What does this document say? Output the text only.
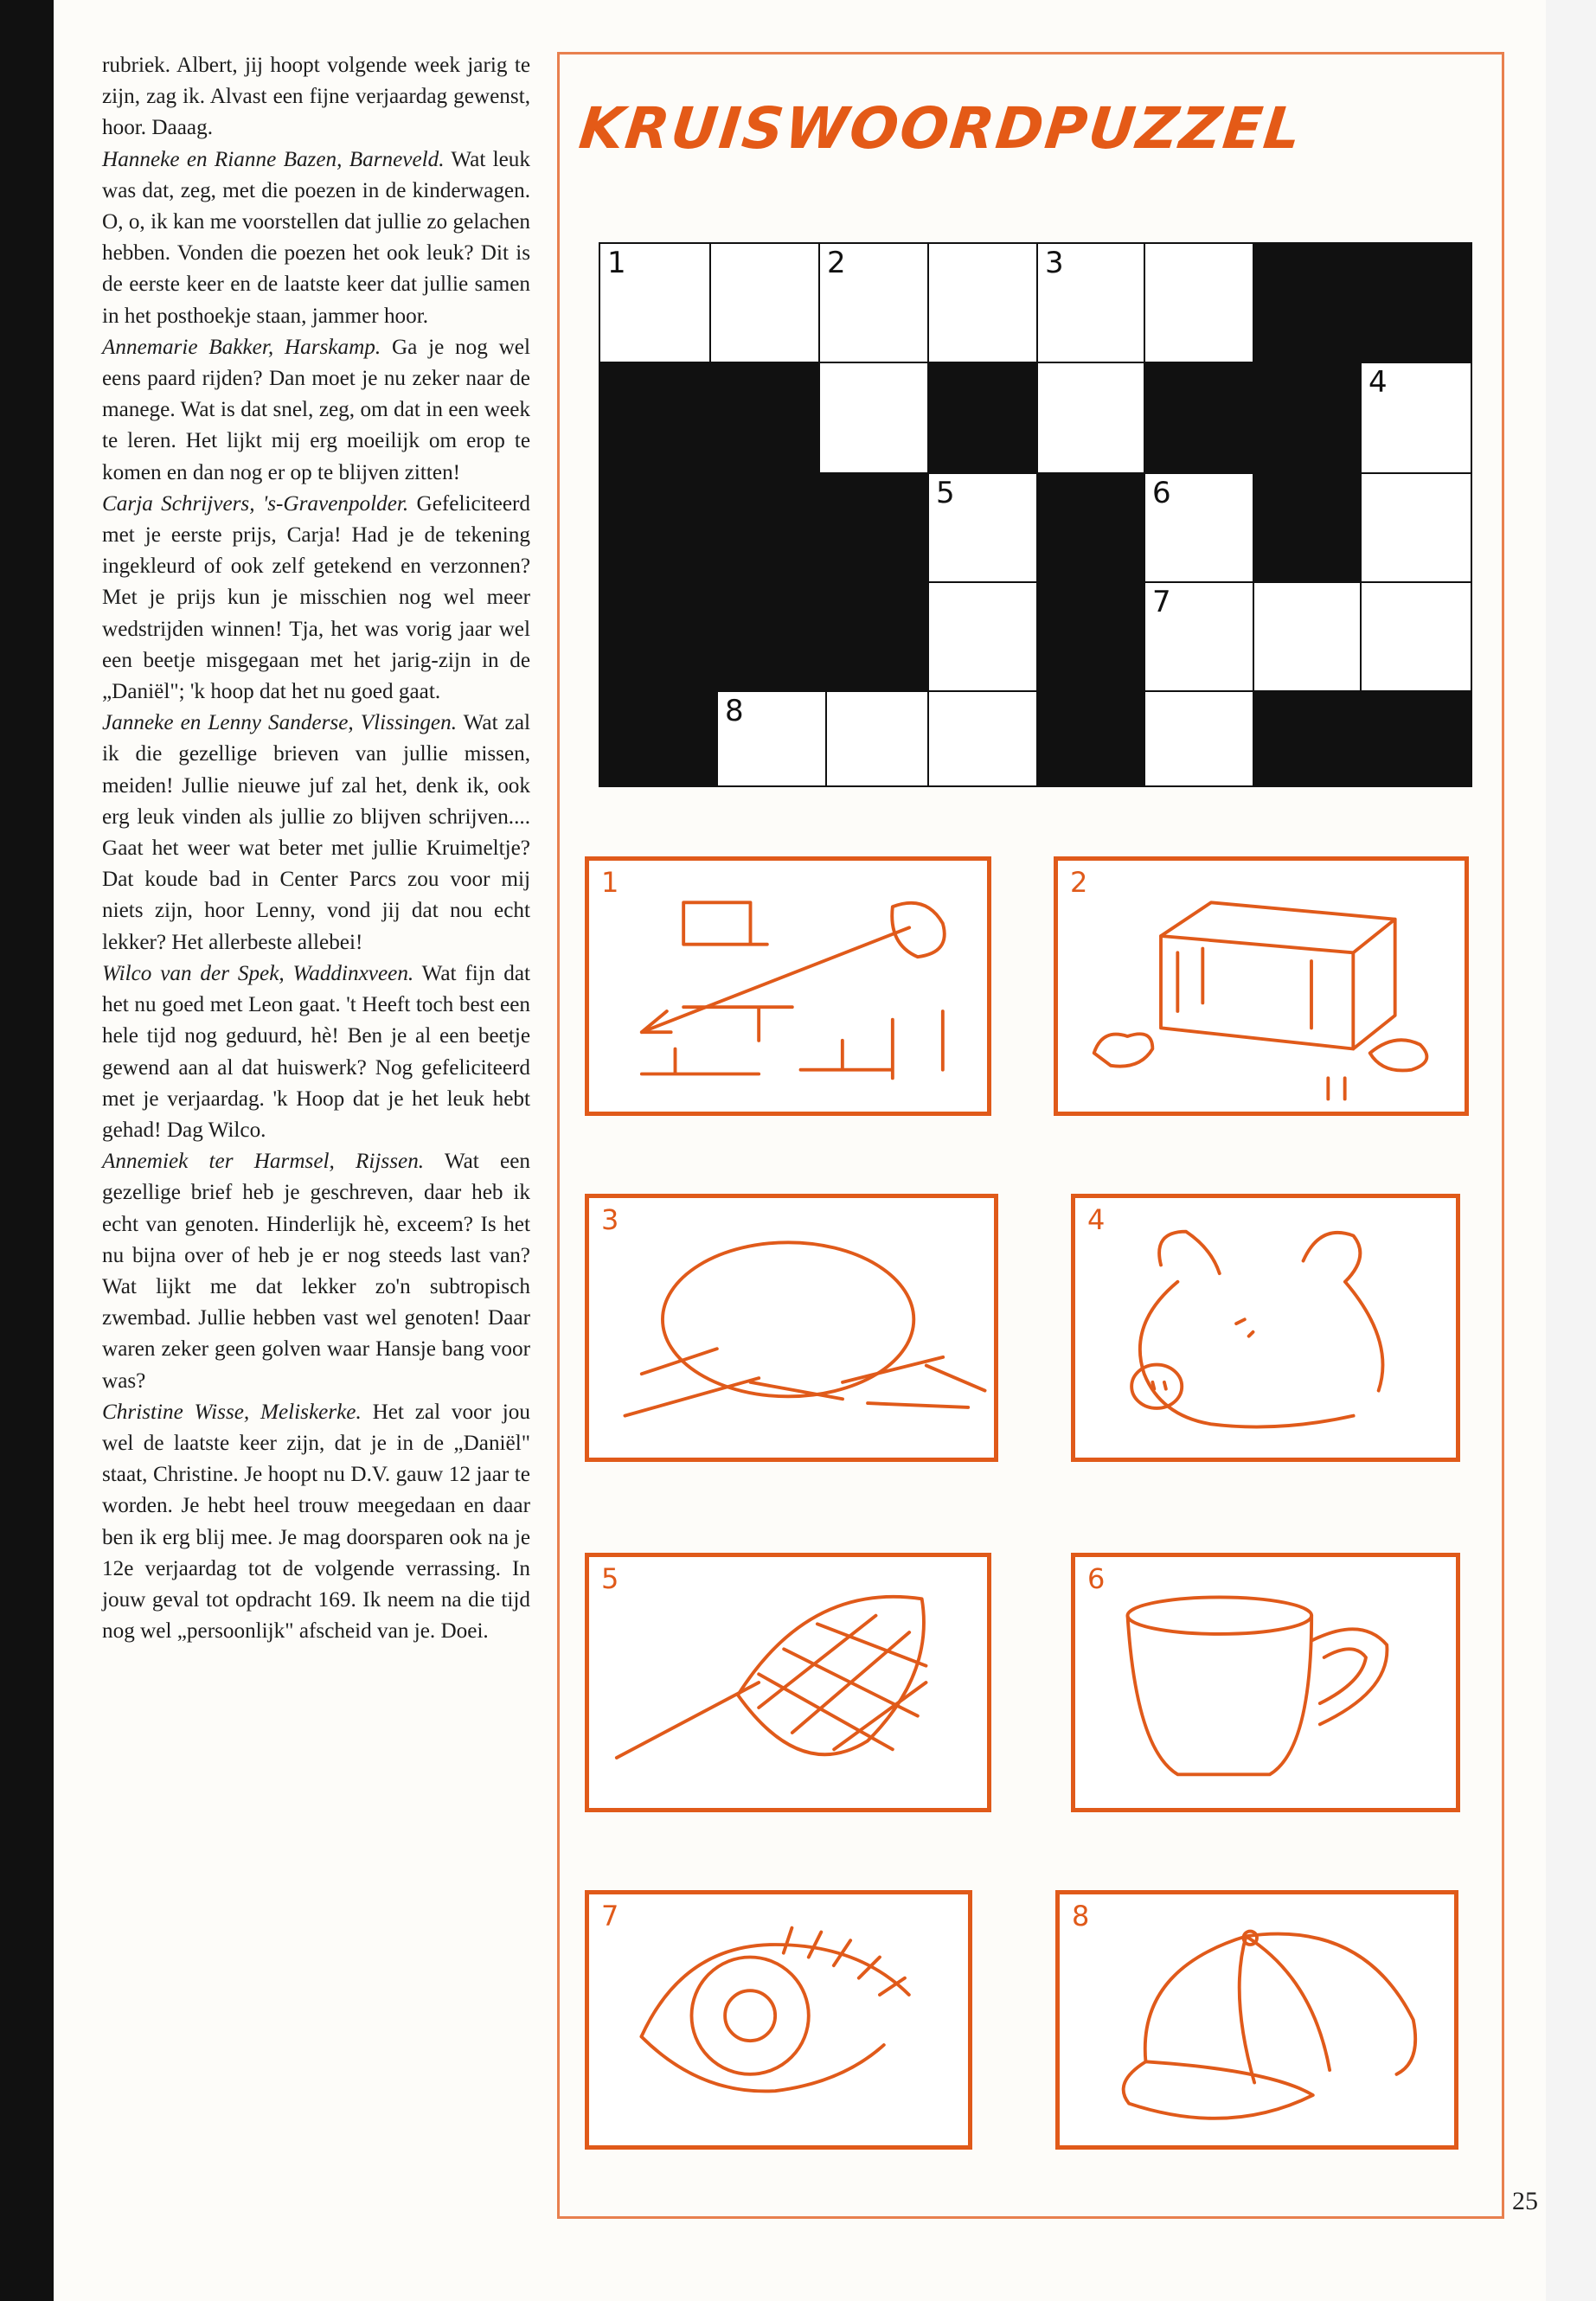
rubriek. Albert, jij hoopt volgende week jarig te zijn, zag ik. Alvast een fijne verjaardag gewenst, hoor. Daaag.

Hanneke en Rianne Bazen, Barneveld. Wat leuk was dat, zeg, met die poezen in de kinderwagen. O, o, ik kan me voorstellen dat jullie zo gelachen hebben. Vonden die poezen het ook leuk? Dit is de eerste keer en de laatste keer dat jullie samen in het posthoekje staan, jammer hoor.

Annemarie Bakker, Harskamp. Ga je nog wel eens paard rijden? Dan moet je nu zeker naar de manege. Wat is dat snel, zeg, om dat in een week te leren. Het lijkt mij erg moeilijk om erop te komen en dan nog er op te blijven zitten!

Carja Schrijvers, 's-Gravenpolder. Gefeliciteerd met je eerste prijs, Carja! Had je de tekening ingekleurd of ook zelf getekend en verzonnen? Met je prijs kun je misschien nog wel meer wedstrijden winnen! Tja, het was vorig jaar wel een beetje misgegaan met het jarig-zijn in de „Daniël"; 'k hoop dat het nu goed gaat.

Janneke en Lenny Sanderse, Vlissingen. Wat zal ik die gezellige brieven van jullie missen, meiden! Jullie nieuwe juf zal het, denk ik, ook erg leuk vinden als jullie zo blijven schrijven.... Gaat het weer wat beter met jullie Kruimeltje? Dat koude bad in Center Parcs zou voor mij niets zijn, hoor Lenny, vond jij dat nou echt lekker? Het allerbeste allebei!

Wilco van der Spek, Waddinxveen. Wat fijn dat het nu goed met Leon gaat. 't Heeft toch best een hele tijd nog geduurd, hè! Ben je al een beetje gewend aan al dat huiswerk? Nog gefeliciteerd met je verjaardag. 'k Hoop dat je het leuk hebt gehad! Dag Wilco.

Annemiek ter Harmsel, Rijssen. Wat een gezellige brief heb je geschreven, daar heb ik echt van genoten. Hinderlijk hè, exceem? Is het nu bijna over of heb je er nog steeds last van? Wat lijkt me dat lekker zo'n subtropisch zwembad. Jullie hebben vast wel genoten! Daar waren zeker geen golven waar Hansje bang voor was?

Christine Wisse, Meliskerke. Het zal voor jou wel de laatste keer zijn, dat je in de „Daniël" staat, Christine. Je hoopt nu D.V. gauw 12 jaar te worden. Je hebt heel trouw meegedaan en daar ben ik erg blij mee. Je mag doorsparen ook na je 12e verjaardag tot de volgende verrassing. In jouw geval tot opdracht 169. Ik neem na die tijd nog wel „persoonlijk" afscheid van je. Doei.

KRUISWOORDPUZZEL
1	2	3
4
5	6
7
8
1	2
3	4
5	6
7	8
25
